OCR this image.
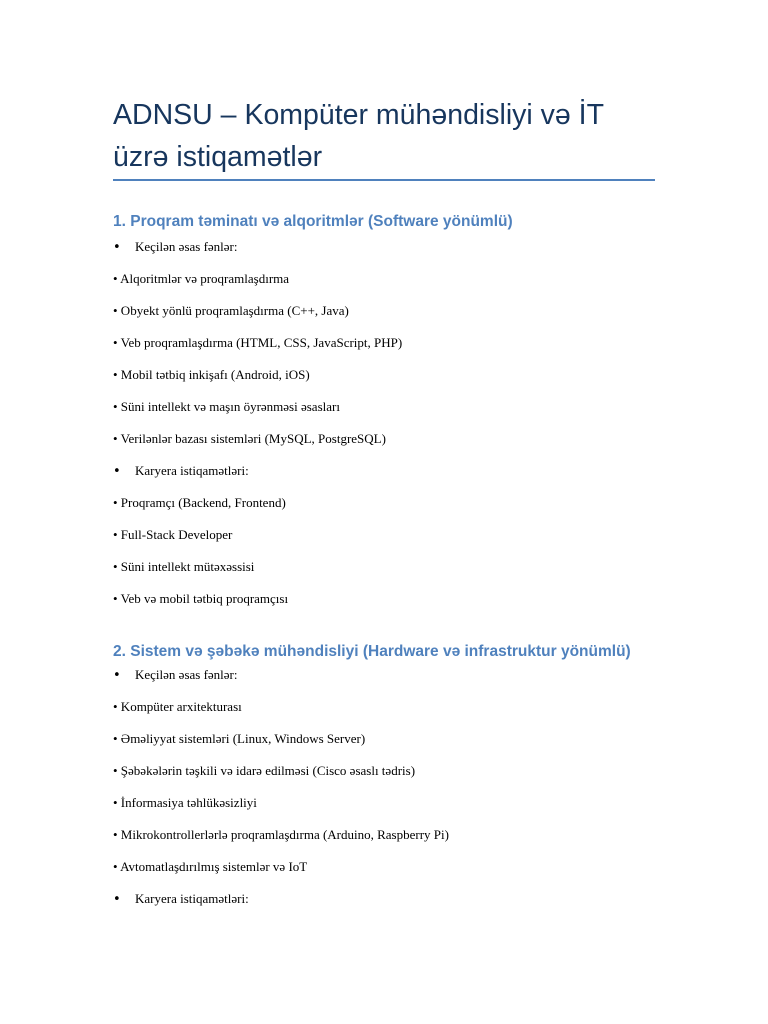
ADNSU – Kompüter mühəndisliyi və İT üzrə istiqamətlər
1. Proqram təminatı və alqoritmlər (Software yönümlü)
• Keçilən əsas fənlər:
• Alqoritmlər və proqramlaşdırma
• Obyekt yönlü proqramlaşdırma (C++, Java)
• Veb proqramlaşdırma (HTML, CSS, JavaScript, PHP)
• Mobil tətbiq inkişafı (Android, iOS)
• Süni intellekt və maşın öyrənməsi əsasları
• Verilənlər bazası sistemləri (MySQL, PostgreSQL)
• Karyera istiqamətləri:
• Proqramçı (Backend, Frontend)
• Full-Stack Developer
• Süni intellekt mütəxəssisi
• Veb və mobil tətbiq proqramçısı
2. Sistem və şəbəkə mühəndisliyi (Hardware və infrastruktur yönümlü)
• Keçilən əsas fənlər:
• Kompüter arxitekturası
• Əməliyyat sistemləri (Linux, Windows Server)
• Şəbəkələrin təşkili və idarə edilməsi (Cisco əsaslı tədris)
• İnformasiya təhlükəsizliyi
• Mikrokontrollerlərlə proqramlaşdırma (Arduino, Raspberry Pi)
• Avtomatlaşdırılmış sistemlər və IoT
• Karyera istiqamətləri:
